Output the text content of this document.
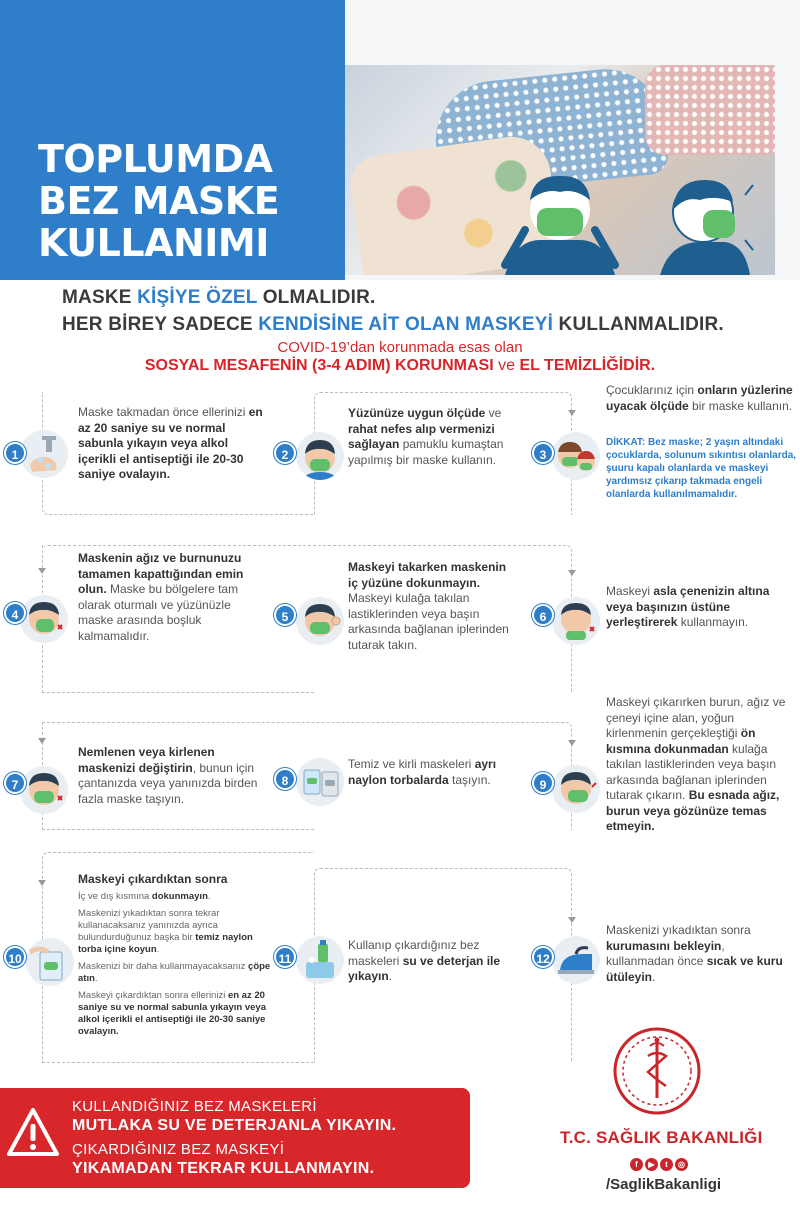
TOPLUMDA
BEZ MASKE
KULLANIMI
MASKE KİŞİYE ÖZEL OLMALIDIR.
HER BİREY SADECE KENDİSİNE AİT OLAN MASKEYİ KULLANMALIDIR.
COVID-19’dan korunmada esas olan
SOSYAL MESAFENİN (3-4 ADIM) KORUNMASI ve EL TEMİZLİĞİDİR.
1	2	3
4	5	6
7	8	9
10	11	12
Maske takmadan önce ellerinizi en az 20 saniye su ve normal sabunla yıkayın veya alkol içerikli el antiseptiği ile 20-30 saniye ovalayın.
Yüzünüze uygun ölçüde ve rahat nefes alıp vermenizi sağlayan pamuklu kumaştan yapılmış bir maske kullanın.
Çocuklarınız için onların yüzlerine uyacak ölçüde bir maske kullanın.
DİKKAT: Bez maske; 2 yaşın altındaki çocuklarda, solunum sıkıntısı olanlarda, şuuru kapalı olanlarda ve maskeyi yardımsız çıkarıp takmada engeli olanlarda kullanılmamalıdır.
Maskenin ağız ve burnunuzu tamamen kapattığından emin olun. Maske bu bölgelere tam olarak oturmalı ve yüzünüzle maske arasında boşluk kalmamalıdır.
Maskeyi takarken maskenin iç yüzüne dokunmayın. Maskeyi kulağa takılan lastiklerinden veya başın arkasında bağlanan iplerinden tutarak takın.
Maskeyi asla çenenizin altına veya başınızın üstüne yerleştirerek kullanmayın.
Nemlenen veya kirlenen maskenizi değiştirin, bunun için çantanızda veya yanınızda birden fazla maske taşıyın.
Temiz ve kirli maskeleri ayrı naylon torbalarda taşıyın.
Maskeyi çıkarırken burun, ağız ve çeneyi içine alan, yoğun kirlenmenin gerçekleştiği ön kısmına dokunmadan kulağa takılan lastiklerinden veya başın arkasında bağlanan iplerinden tutarak çıkarın. Bu esnada ağız, burun veya gözünüze temas etmeyin.
Maskeyi çıkardıktan sonra
İç ve dış kısmına dokunmayın.
Maskenizi yıkadıktan sonra tekrar kullanacaksanız yanınızda ayrıca bulundurduğunuz başka bir temiz naylon torba içine koyun.
Maskenizi bir daha kullanmayacaksanız çöpe atın.
Maskeyi çıkardıktan sonra ellerinizi en az 20 saniye su ve normal sabunla yıkayın veya alkol içerikli el antiseptiği ile 20-30 saniye ovalayın.
Kullanıp çıkardığınız bez maskeleri su ve deterjan ile yıkayın.
Maskenizi yıkadıktan sonra kurumasını bekleyin, kullanmadan önce sıcak ve kuru ütüleyin.
KULLANDIĞINIZ BEZ MASKELERİ
MUTLAKA SU VE DETERJANLA YIKAYIN.
ÇIKARDIĞINIZ BEZ MASKEYİ
YIKAMADAN TEKRAR KULLANMAYIN.
T.C. SAĞLIK BAKANLIĞI
f	▶	t	◎
/SaglikBakanligi
